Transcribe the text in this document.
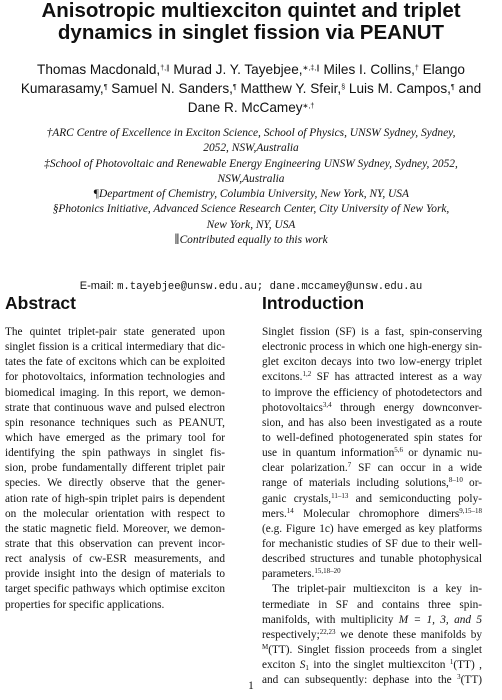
Anisotropic multiexciton quintet and triplet
dynamics in singlet fission via PEANUT
Thomas Macdonald,†,∥ Murad J. Y. Tayebjee,∗,‡,∥ Miles I. Collins,† Elango
Kumarasamy,¶ Samuel N. Sanders,¶ Matthew Y. Sfeir,§ Luis M. Campos,¶ and
Dane R. McCamey∗,†
†ARC Centre of Excellence in Exciton Science, School of Physics, UNSW Sydney, Sydney,
2052, NSW,Australia
‡School of Photovoltaic and Renewable Energy Engineering UNSW Sydney, Sydney, 2052,
NSW,Australia
¶Department of Chemistry, Columbia University, New York, NY, USA
§Photonics Initiative, Advanced Science Research Center, City University of New York,
New York, NY, USA
∥Contributed equally to this work
E-mail: m.tayebjee@unsw.edu.au; dane.mccamey@unsw.edu.au
Abstract
The quintet triplet-pair state generated upon
singlet fission is a critical intermediary that dic-
tates the fate of excitons which can be exploited
for photovoltaics, information technologies and
biomedical imaging. In this report, we demon-
strate that continuous wave and pulsed electron
spin resonance techniques such as PEANUT,
which have emerged as the primary tool for
identifying the spin pathways in singlet fis-
sion, probe fundamentally different triplet pair
species. We directly observe that the gener-
ation rate of high-spin triplet pairs is dependent
on the molecular orientation with respect to
the static magnetic field. Moreover, we demon-
strate that this observation can prevent incor-
rect analysis of cw-ESR measurements, and
provide insight into the design of materials to
target specific pathways which optimise exciton
properties for specific applications.
Introduction
Singlet fission (SF) is a fast, spin-conserving
electronic process in which one high-energy sin-
glet exciton decays into two low-energy triplet
excitons.$^{1,2}$ SF has attracted interest as a way
to improve the efficiency of photodetectors and
photovoltaics$^{3,4}$ through energy downconver-
sion, and has also been investigated as a route
to well-defined photogenerated spin states for
use in quantum information$^{5,6}$ or dynamic nu-
clear polarization.$^7$ SF can occur in a wide
range of materials including solutions,$^{8-10}$ or-
ganic crystals,$^{11-13}$ and semiconducting poly-
mers.$^{14}$ Molecular chromophore dimers$^{9,15-18}$
(e.g. Figure 1c) have emerged as key platforms
for mechanistic studies of SF due to their well-
described structures and tunable photophysical
parameters.$^{15,18-20}$
The triplet-pair multiexciton is a key in-
termediate in SF and contains three spin-
manifolds, with multiplicity M = 1, 3, and 5
respectively;$^{22,23}$ we denote these manifolds by
$^M$(TT). Singlet fission proceeds from a singlet
exciton $S_1$ into the singlet multiexciton $^1$(TT) ,
and can subsequently: dephase into the $^3$(TT)
1
